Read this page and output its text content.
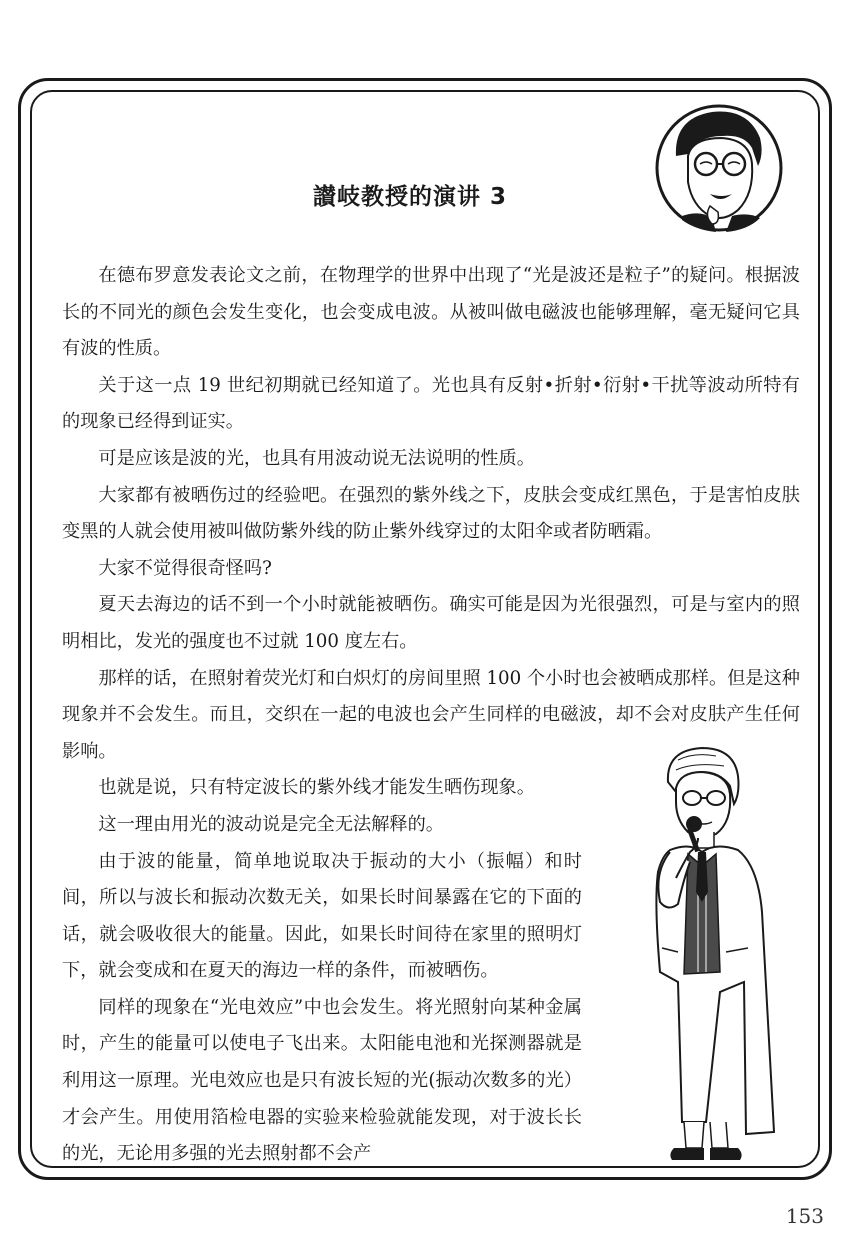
讃岐教授的演讲 3

在德布罗意发表论文之前，在物理学的世界中出现了“光是波还是粒子”的疑问。根据波长的不同光的颜色会发生变化，也会变成电波。从被叫做电磁波也能够理解，毫无疑问它具有波的性质。

关于这一点 19 世纪初期就已经知道了。光也具有反射•折射•衍射•干扰等波动所特有的现象已经得到证实。

可是应该是波的光，也具有用波动说无法说明的性质。

大家都有被晒伤过的经验吧。在强烈的紫外线之下，皮肤会变成红黑色，于是害怕皮肤变黑的人就会使用被叫做防紫外线的防止紫外线穿过的太阳伞或者防晒霜。

大家不觉得很奇怪吗?

夏天去海边的话不到一个小时就能被晒伤。确实可能是因为光很强烈，可是与室内的照明相比，发光的强度也不过就 100 度左右。

那样的话，在照射着荧光灯和白炽灯的房间里照 100 个小时也会被晒成那样。但是这种现象并不会发生。而且，交织在一起的电波也会产生同样的电磁波，却不会对皮肤产生任何影响。

也就是说，只有特定波长的紫外线才能发生晒伤现象。

这一理由用光的波动说是完全无法解释的。

由于波的能量，简单地说取决于振动的大小（振幅）和时间，所以与波长和振动次数无关，如果长时间暴露在它的下面的话，就会吸收很大的能量。因此，如果长时间待在家里的照明灯下，就会变成和在夏天的海边一样的条件，而被晒伤。

同样的现象在“光电效应”中也会发生。将光照射向某种金属时，产生的能量可以使电子飞出来。太阳能电池和光探测器就是利用这一原理。光电效应也是只有波长短的光(振动次数多的光）才会产生。用使用箔检电器的实验来检验就能发现，对于波长长的光，无论用多强的光去照射都不会产

153
